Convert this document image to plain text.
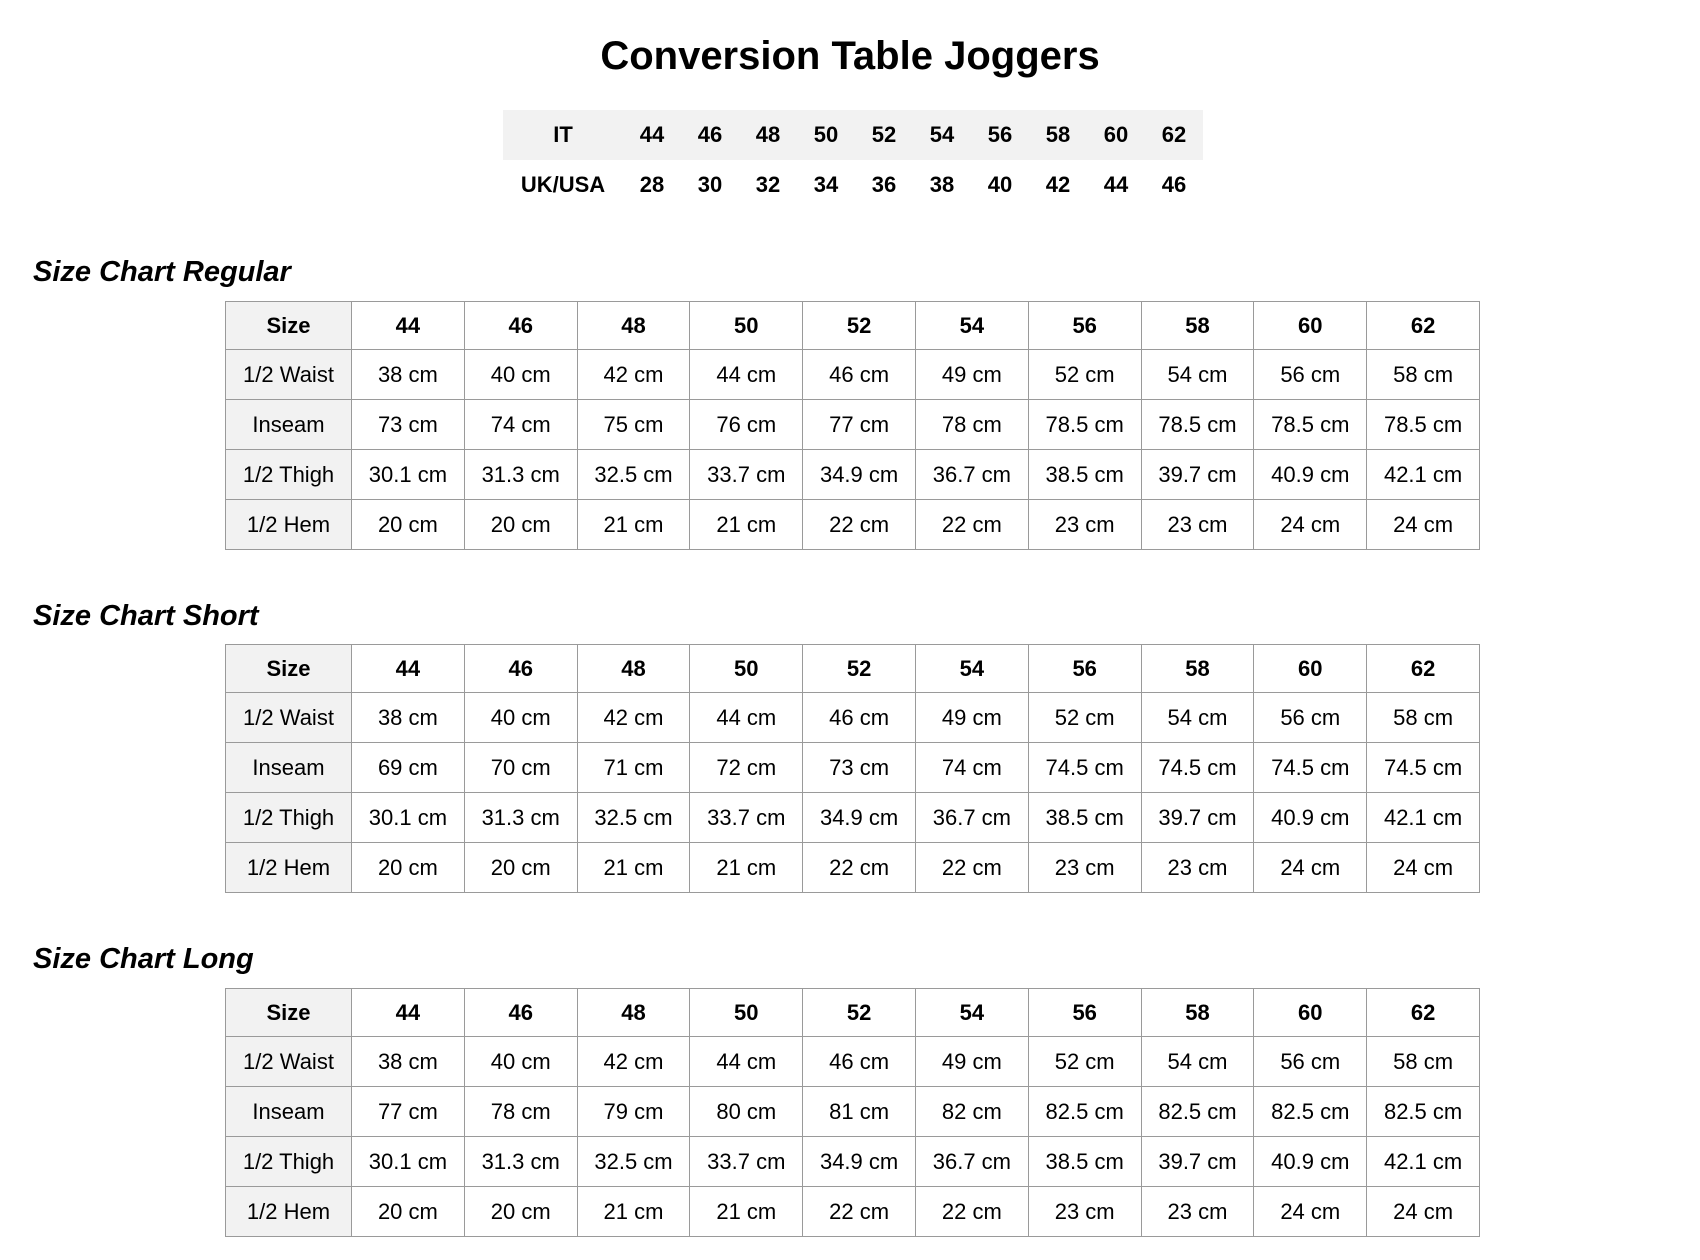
Conversion Table Joggers
IT	44	46	48	50	52	54	56	58	60	62
UK/USA	28	30	32	34	36	38	40	42	44	46
Size Chart Regular
Size	44	46	48	50	52	54	56	58	60	62
1/2 Waist	38 cm	40 cm	42 cm	44 cm	46 cm	49 cm	52 cm	54 cm	56 cm	58 cm
Inseam	73 cm	74 cm	75 cm	76 cm	77 cm	78 cm	78.5 cm	78.5 cm	78.5 cm	78.5 cm
1/2 Thigh	30.1 cm	31.3 cm	32.5 cm	33.7 cm	34.9 cm	36.7 cm	38.5 cm	39.7 cm	40.9 cm	42.1 cm
1/2 Hem	20 cm	20 cm	21 cm	21 cm	22 cm	22 cm	23 cm	23 cm	24 cm	24 cm
Size Chart Short
Size	44	46	48	50	52	54	56	58	60	62
1/2 Waist	38 cm	40 cm	42 cm	44 cm	46 cm	49 cm	52 cm	54 cm	56 cm	58 cm
Inseam	69 cm	70 cm	71 cm	72 cm	73 cm	74 cm	74.5 cm	74.5 cm	74.5 cm	74.5 cm
1/2 Thigh	30.1 cm	31.3 cm	32.5 cm	33.7 cm	34.9 cm	36.7 cm	38.5 cm	39.7 cm	40.9 cm	42.1 cm
1/2 Hem	20 cm	20 cm	21 cm	21 cm	22 cm	22 cm	23 cm	23 cm	24 cm	24 cm
Size Chart Long
Size	44	46	48	50	52	54	56	58	60	62
1/2 Waist	38 cm	40 cm	42 cm	44 cm	46 cm	49 cm	52 cm	54 cm	56 cm	58 cm
Inseam	77 cm	78 cm	79 cm	80 cm	81 cm	82 cm	82.5 cm	82.5 cm	82.5 cm	82.5 cm
1/2 Thigh	30.1 cm	31.3 cm	32.5 cm	33.7 cm	34.9 cm	36.7 cm	38.5 cm	39.7 cm	40.9 cm	42.1 cm
1/2 Hem	20 cm	20 cm	21 cm	21 cm	22 cm	22 cm	23 cm	23 cm	24 cm	24 cm
